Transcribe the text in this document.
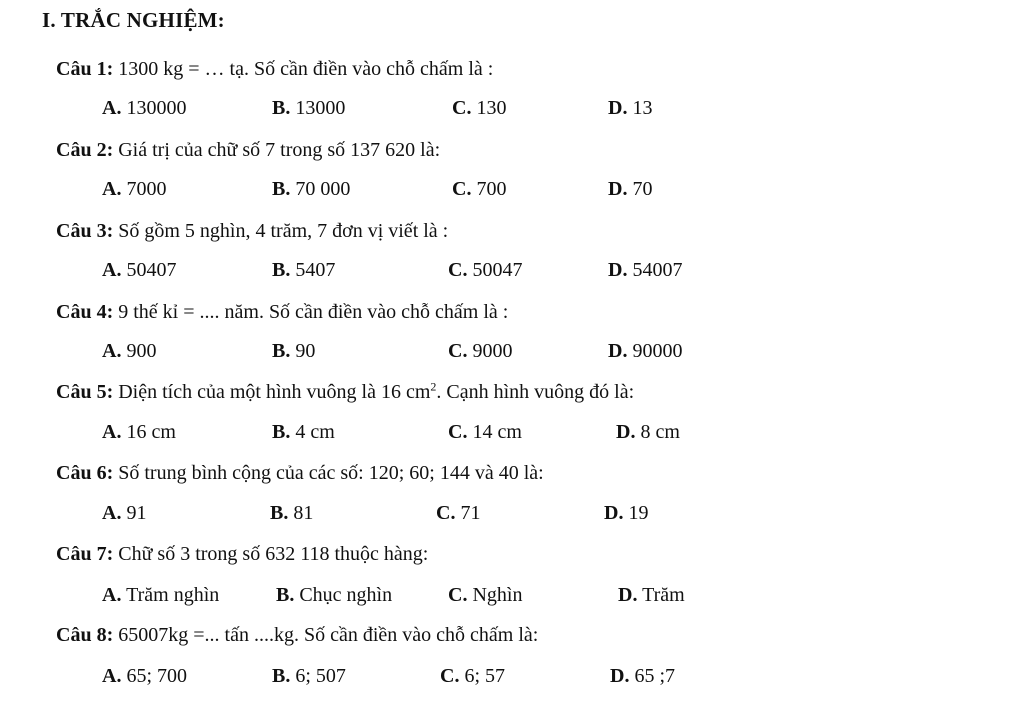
I. TRẮC NGHIỆM:
Câu 1: 1300 kg = … tạ. Số cần điền vào chỗ chấm là :
A. 130000	B. 13000	C. 130	D. 13
Câu 2: Giá trị của chữ số 7 trong số 137 620 là:
A. 7000	B. 70 000	C. 700	D. 70
Câu 3: Số gồm 5 nghìn, 4 trăm, 7 đơn vị viết là :
A. 50407	B. 5407	C. 50047	D. 54007
Câu 4: 9 thế kỉ = .... năm. Số cần điền vào chỗ chấm là :
A. 900	B. 90	C. 9000	D. 90000
Câu 5: Diện tích của một hình vuông là 16 $cm^2$. Cạnh hình vuông đó là:
A. 16 cm	B. 4 cm	C. 14 cm	D. 8 cm
Câu 6: Số trung bình cộng của các số: 120; 60; 144 và 40 là:
A. 91	B. 81	C. 71	D. 19
Câu 7: Chữ số 3 trong số 632 118 thuộc hàng:
A. Trăm nghìn	B. Chục nghìn	C. Nghìn	D. Trăm
Câu 8: 65007kg =... tấn ....kg. Số cần điền vào chỗ chấm là:
A. 65; 700	B. 6; 507	C. 6; 57	D. 65 ;7
